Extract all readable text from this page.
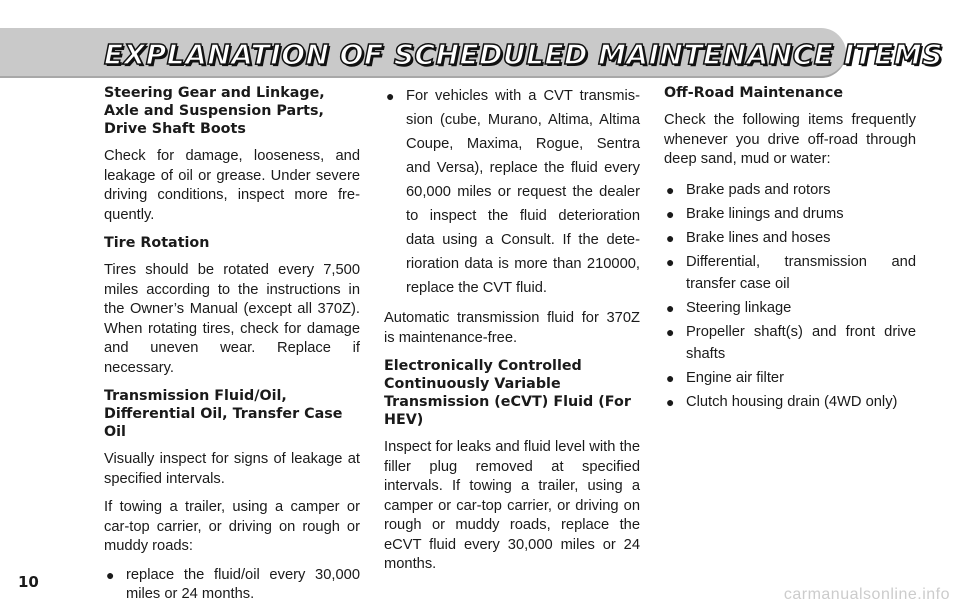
EXPLANATION OF SCHEDULED MAINTENANCE ITEMS
Steering Gear and Linkage, Axle and Suspension Parts, Drive Shaft Boots

Check for damage, looseness, and leakage of oil or grease. Under severe driving conditions, inspect more fre-quently.

Tire Rotation

Tires should be rotated every 7,500 miles according to the instructions in the Owner’s Manual (except all 370Z). When rotating tires, check for damage and uneven wear. Replace if necessary.

Transmission Fluid/Oil, Differential Oil, Transfer Case Oil

Visually inspect for signs of leakage at specified intervals.

If towing a trailer, using a camper or car-top carrier, or driving on rough or muddy roads:

● replace the fluid/oil every 30,000 miles or 24 months.
● For vehicles with a CVT transmis-sion (cube, Murano, Altima, Altima Coupe, Maxima, Rogue, Sentra and Versa), replace the fluid every 60,000 miles or request the dealer to inspect the fluid deterioration data using a Consult. If the dete-rioration data is more than 210000, replace the CVT fluid.

Automatic transmission fluid for 370Z is maintenance-free.

Electronically Controlled Continuously Variable Transmission (eCVT) Fluid (For HEV)

Inspect for leaks and fluid level with the filler plug removed at specified intervals. If towing a trailer, using a camper or car-top carrier, or driving on rough or muddy roads, replace the eCVT fluid every 30,000 miles or 24 months.

Off-Road Maintenance

Check the following items frequently whenever you drive off-road through deep sand, mud or water:

● Brake pads and rotors
● Brake linings and drums
● Brake lines and hoses
● Differential, transmission and transfer case oil
● Steering linkage
● Propeller shaft(s) and front drive shafts
● Engine air filter
● Clutch housing drain (4WD only)
10
carmanualsonline.info
